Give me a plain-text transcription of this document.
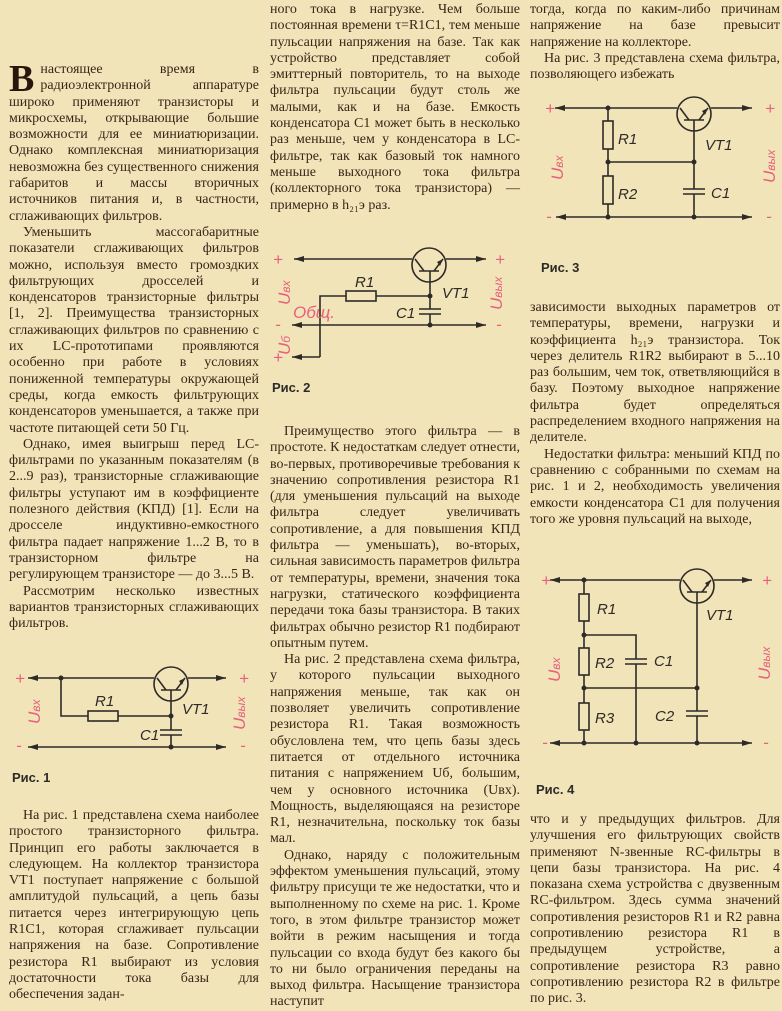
Внастоящее время в радиоэлектронной аппаратуре широко применяют транзисторы и микросхемы, открывающие большие возможности для ее миниатюризации. Однако комплексная миниатюризация невозможна без существенного снижения габаритов и массы вторичных источников питания и, в частности, сглаживающих фильтров.

Уменьшить массогабаритные показатели сглаживающих фильтров можно, используя вместо громоздких фильтрующих дросселей и конденсаторов транзисторные фильтры [1, 2]. Преимущества транзисторных сглаживающих фильтров по сравнению с их LC-прототипами проявляются особенно при работе в условиях пониженной температуры окружающей среды, когда емкость фильтрующих конденсаторов уменьшается, а также при частоте питающей сети 50 Гц.

Однако, имея выигрыш перед LC-фильтрами по указанным показателям (в 2...9 раз), транзисторные сглаживающие фильтры уступают им в коэффициенте полезного действия (КПД) [1]. Если на дросселе индуктивно-емкостного фильтра падает напряжение 1...2 В, то в транзисторном фильтре на регулирующем транзисторе — до 3...5 В.

Рассмотрим несколько известных вариантов транзисторных сглаживающих фильтров.

На рис. 1 представлена схема наиболее простого транзисторного фильтра. Принцип его работы заключается в следующем. На коллектор транзистора VT1 поступает напряжение с большой амплитудой пульсаций, а цепь базы питается через интегрирующую цепь R1C1, которая сглаживает пульсации напряжения на базе. Сопротивление резистора R1 выбирают из условия достаточности тока базы для обеспечения задан-

ного тока в нагрузке. Чем больше постоянная времени τ=R1C1, тем меньше пульсации напряжения на базе. Так как устройство представляет собой эмиттерный повторитель, то на выходе фильтра пульсации будут столь же малыми, как и на базе. Емкость конденсатора C1 может быть в несколько раз меньше, чем у конденсатора в LC-фильтре, так как базовый ток намного меньше выходного тока фильтра (коллекторного тока транзистора) — примерно в h₂₁э раз.

Преимущество этого фильтра — в простоте. К недостаткам следует отнести, во-первых, противоречивые требования к значению сопротивления резистора R1 (для уменьшения пульсаций на выходе фильтра следует увеличивать сопротивление, а для повышения КПД фильтра — уменьшать), во-вторых, сильная зависимость параметров фильтра от температуры, времени, значения тока нагрузки, статического коэффициента передачи тока базы транзистора. В таких фильтрах обычно резистор R1 подбирают опытным путем.

На рис. 2 представлена схема фильтра, у которого пульсации выходного напряжения меньше, так как он позволяет увеличить сопротивление резистора R1. Такая возможность обусловлена тем, что цепь базы здесь питается от отдельного источника питания с напряжением Uб, большим, чем у основного источника (Uвх). Мощность, выделяющаяся на резисторе R1, незначительна, поскольку ток базы мал.

Однако, наряду с положительным эффектом уменьшения пульсаций, этому фильтру присущи те же недостатки, что и выполненному по схеме на рис. 1. Кроме того, в этом фильтре транзистор может войти в режим насыщения и тогда пульсации со входа будут без какого бы то ни было ограничения переданы на выход фильтра. Насыщение транзистора наступит

тогда, когда по каким-либо причинам напряжение на базе превысит напряжение на коллекторе.

На рис. 3 представлена схема фильтра, позволяющего избежать

зависимости выходных параметров от температуры, времени, нагрузки и коэффициента h₂₁э транзистора. Ток через делитель R1R2 выбирают в 5...10 раз большим, чем ток, ответвляющийся в базу. Поэтому выходное напряжение фильтра будет определяться распределением входного напряжения на делителе.

Недостатки фильтра: меньший КПД по сравнению с собранными по схемам на рис. 1 и 2, необходимость увеличения емкости конденсатора C1 для получения того же уровня пульсаций на выходе,

что и у предыдущих фильтров. Для улучшения его фильтрующих свойств применяют N-звенные RC-фильтры в цепи базы транзистора. На рис. 4 показана схема устройства с двузвенным RC-фильтром. Здесь сумма значений сопротивления резисторов R1 и R2 равна сопротивлению резистора R1 в предыдущем устройстве, а сопротивление резистора R3 равно сопротивлению резистора R2 в фильтре по рис. 3.

+
-
+
-
Uвх
Uвых
R1	VT1
C1
Рис. 1
+
-
+
+
-
Uвх
Uб
Общ.	Uвых
R1
VT1
C1
Рис. 2
+
-
+
-
Uвх
Uвых
R1
R2
VT1
C1
Рис. 3
+
-
+
-
Uвх
Uвых
R1
R2
R3
C1
C2
VT1
Рис. 4
